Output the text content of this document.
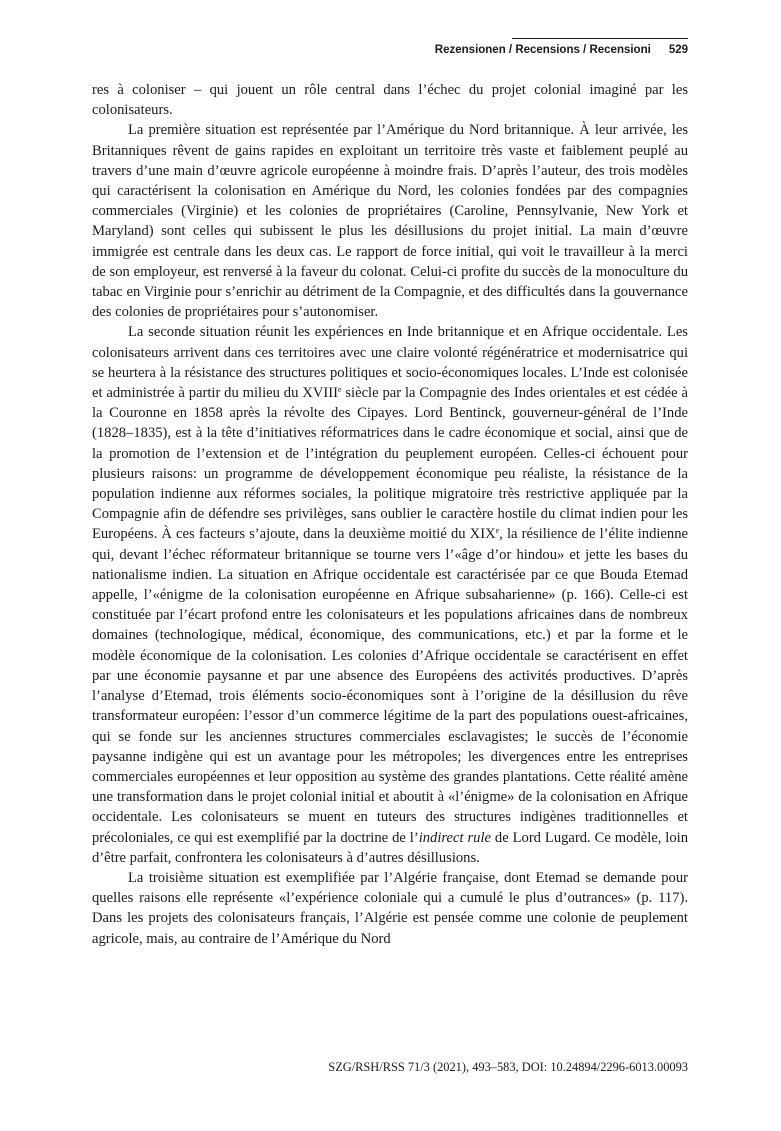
Rezensionen / Recensions / Recensioni 529

res à coloniser – qui jouent un rôle central dans l’échec du projet colonial imaginé par les colonisateurs.

La première situation est représentée par l’Amérique du Nord britannique. À leur arrivée, les Britanniques rêvent de gains rapides en exploitant un territoire très vaste et faiblement peuplé au travers d’une main d’œuvre agricole européenne à moindre frais. D’après l’auteur, des trois modèles qui caractérisent la colonisation en Amérique du Nord, les colonies fondées par des compagnies commerciales (Virginie) et les colonies de propriétaires (Caroline, Pennsylvanie, New York et Maryland) sont celles qui subissent le plus les désillusions du projet initial. La main d’œuvre immigrée est centrale dans les deux cas. Le rapport de force initial, qui voit le travailleur à la merci de son employeur, est renversé à la faveur du colonat. Celui-ci profite du succès de la monoculture du tabac en Virginie pour s’enrichir au détriment de la Compagnie, et des difficultés dans la gouvernance des colonies de propriétaires pour s’autonomiser.

La seconde situation réunit les expériences en Inde britannique et en Afrique occidentale. Les colonisateurs arrivent dans ces territoires avec une claire volonté régénératrice et modernisatrice qui se heurtera à la résistance des structures politiques et socio-économiques locales. L’Inde est colonisée et administrée à partir du milieu du XVIIIe siècle par la Compagnie des Indes orientales et est cédée à la Couronne en 1858 après la révolte des Cipayes. Lord Bentinck, gouverneur-général de l’Inde (1828–1835), est à la tête d’initiatives réformatrices dans le cadre économique et social, ainsi que de la promotion de l’extension et de l’intégration du peuplement européen. Celles-ci échouent pour plusieurs raisons: un programme de développement économique peu réaliste, la résistance de la population indienne aux réformes sociales, la politique migratoire très restrictive appliquée par la Compagnie afin de défendre ses privilèges, sans oublier le caractère hostile du climat indien pour les Européens. À ces facteurs s’ajoute, dans la deuxième moitié du XIXe, la résilience de l’élite indienne qui, devant l’échec réformateur britannique se tourne vers l’«âge d’or hindou» et jette les bases du nationalisme indien. La situation en Afrique occidentale est caractérisée par ce que Bouda Etemad appelle, l’«énigme de la colonisation européenne en Afrique subsaharienne» (p. 166). Celle-ci est constituée par l’écart profond entre les colonisateurs et les populations africaines dans de nombreux domaines (technologique, médical, économique, des communications, etc.) et par la forme et le modèle économique de la colonisation. Les colonies d’Afrique occidentale se caractérisent en effet par une économie paysanne et par une absence des Européens des activités productives. D’après l’analyse d’Etemad, trois éléments socio-économiques sont à l’origine de la désillusion du rêve transformateur européen: l’essor d’un commerce légitime de la part des populations ouest-africaines, qui se fonde sur les anciennes structures commerciales esclavagistes; le succès de l’économie paysanne indigène qui est un avantage pour les métropoles; les divergences entre les entreprises commerciales européennes et leur opposition au système des grandes plantations. Cette réalité amène une transformation dans le projet colonial initial et aboutit à «l’énigme» de la colonisation en Afrique occidentale. Les colonisateurs se muent en tuteurs des structures indigènes traditionnelles et précoloniales, ce qui est exemplifié par la doctrine de l’indirect rule de Lord Lugard. Ce modèle, loin d’être parfait, confrontera les colonisateurs à d’autres désillusions.

La troisième situation est exemplifiée par l’Algérie française, dont Etemad se demande pour quelles raisons elle représente «l’expérience coloniale qui a cumulé le plus d’outrances» (p. 117). Dans les projets des colonisateurs français, l’Algérie est pensée comme une colonie de peuplement agricole, mais, au contraire de l’Amérique du Nord

SZG/RSH/RSS 71/3 (2021), 493–583, DOI: 10.24894/2296-6013.00093
